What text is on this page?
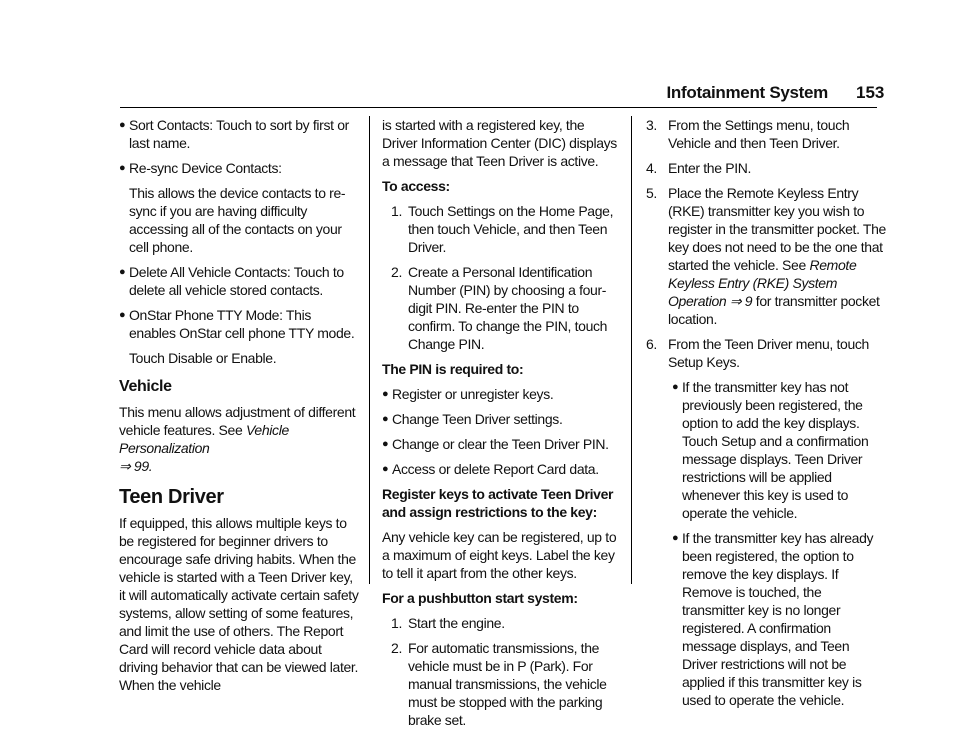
Infotainment System 153
● Sort Contacts: Touch to sort by first or last name.
● Re-sync Device Contacts:

This allows the device contacts to re-sync if you are having difficulty accessing all of the contacts on your cell phone.

● Delete All Vehicle Contacts: Touch to delete all vehicle stored contacts.
● OnStar Phone TTY Mode: This enables OnStar cell phone TTY mode.

Touch Disable or Enable.

Vehicle

This menu allows adjustment of different vehicle features. See Vehicle Personalization
⇒ 99.

Teen Driver

If equipped, this allows multiple keys to be registered for beginner drivers to encourage safe driving habits. When the vehicle is started with a Teen Driver key, it will automatically activate certain safety systems, allow setting of some features, and limit the use of others. The Report Card will record vehicle data about driving behavior that can be viewed later. When the vehicle

is started with a registered key, the Driver Information Center (DIC) displays a message that Teen Driver is active.

To access:
1. Touch Settings on the Home Page, then touch Vehicle, and then Teen Driver.
2. Create a Personal Identification Number (PIN) by choosing a four-digit PIN. Re-enter the PIN to confirm. To change the PIN, touch Change PIN.
The PIN is required to:
● Register or unregister keys.
● Change Teen Driver settings.
● Change or clear the Teen Driver PIN.
● Access or delete Report Card data.
Register keys to activate Teen Driver and assign restrictions to the key:

Any vehicle key can be registered, up to a maximum of eight keys. Label the key to tell it apart from the other keys.

For a pushbutton start system:
1. Start the engine.
2. For automatic transmissions, the vehicle must be in P (Park). For manual transmissions, the vehicle must be stopped with the parking brake set.
3. From the Settings menu, touch Vehicle and then Teen Driver.
4. Enter the PIN.
5. Place the Remote Keyless Entry (RKE) transmitter key you wish to register in the transmitter pocket. The key does not need to be the one that started the vehicle. See Remote Keyless Entry (RKE) System Operation ⇒ 9 for transmitter pocket location.
6. From the Teen Driver menu, touch Setup Keys.
● If the transmitter key has not previously been registered, the option to add the key displays. Touch Setup and a confirmation message displays. Teen Driver restrictions will be applied whenever this key is used to operate the vehicle.
● If the transmitter key has already been registered, the option to remove the key displays. If Remove is touched, the transmitter key is no longer registered. A confirmation message displays, and Teen Driver restrictions will not be applied if this transmitter key is used to operate the vehicle.
